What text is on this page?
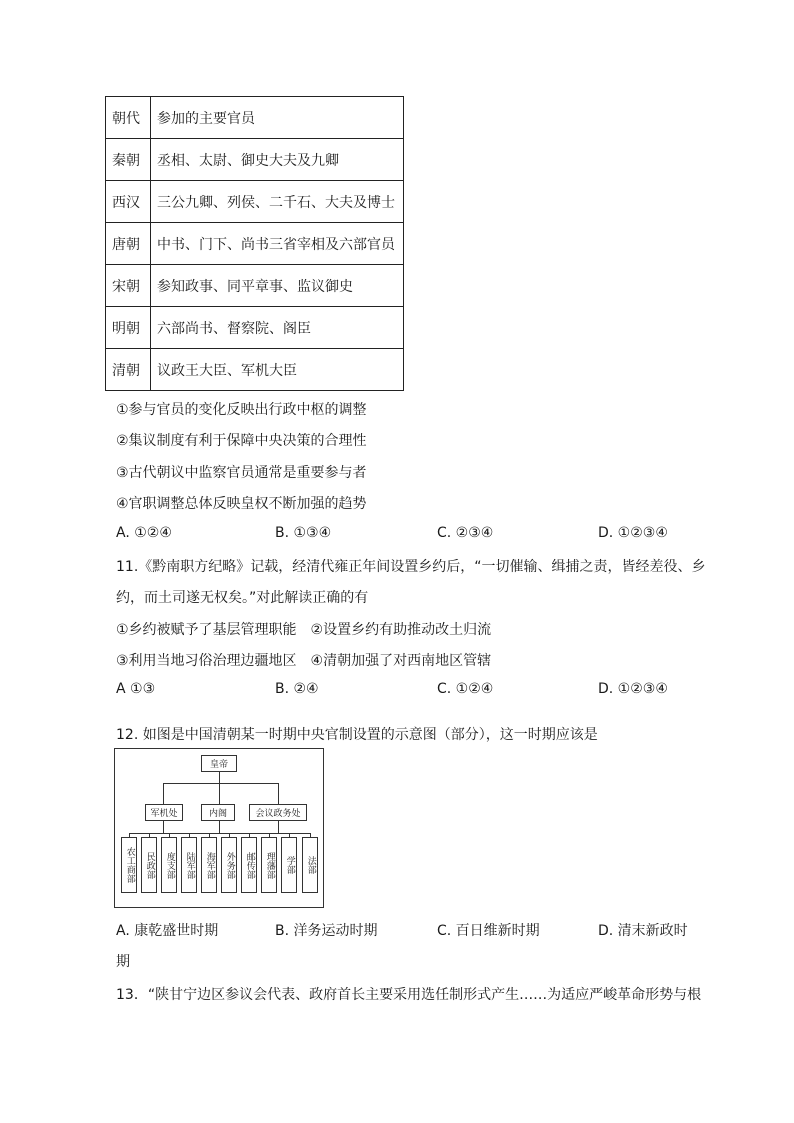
朝代	参加的主要官员
秦朝	丞相、太尉、御史大夫及九卿
西汉	三公九卿、列侯、二千石、大夫及博士
唐朝	中书、门下、尚书三省宰相及六部官员
宋朝	参知政事、同平章事、监议御史
明朝	六部尚书、督察院、阁臣
清朝	议政王大臣、军机大臣
①参与官员的变化反映出行政中枢的调整
②集议制度有利于保障中央决策的合理性
③古代朝议中监察官员通常是重要参与者
④官职调整总体反映皇权不断加强的趋势
A. ①②④	B. ①③④	C. ②③④	D. ①②③④
11.《黔南职方纪略》记载，经清代雍正年间设置乡约后，“一切催输、缉捕之责，皆经差役、乡
约，而土司遂无权矣。”对此解读正确的有
①乡约被赋予了基层管理职能　②设置乡约有助推动改土归流
③利用当地习俗治理边疆地区　④清朝加强了对西南地区管辖
A ①③	B. ②④	C. ①②④	D. ①②③④
12. 如图是中国清朝某一时期中央官制设置的示意图（部分），这一时期应该是
皇帝
军机处	内阁	会议政务处
农工商部	民政部	度支部	陆军部	海军部	外务部	邮传部	理藩部	学部	法部
A. 康乾盛世时期	B. 洋务运动时期	C. 百日维新时期	D. 清末新政时
期
13．“陕甘宁边区参议会代表、政府首长主要采用选任制形式产生……为适应严峻革命形势与根
